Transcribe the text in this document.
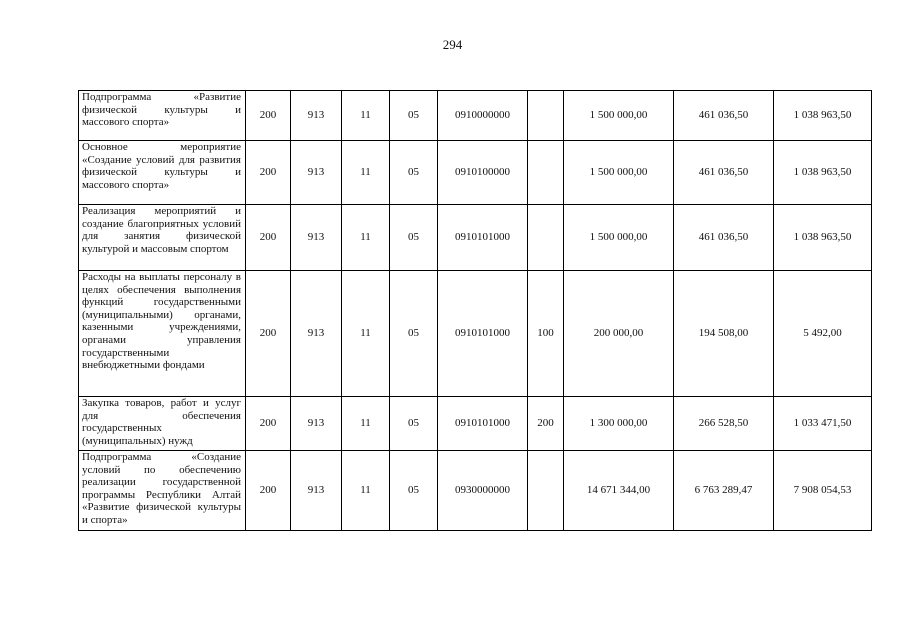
294
Подпрограмма «Развитие физической культуры и массового спорта»	200	913	11	05	0910000000		1 500 000,00	461 036,50	1 038 963,50
Основное мероприятие «Создание условий для развития физической культуры и массового спорта»	200	913	11	05	0910100000		1 500 000,00	461 036,50	1 038 963,50
Реализация мероприятий и создание благоприятных условий для занятия физической культурой и массовым спортом	200	913	11	05	0910101000		1 500 000,00	461 036,50	1 038 963,50
Расходы на выплаты персоналу в целях обеспечения выполнения функций государственными (муниципальными) органами, казенными учреждениями, органами управления государственными внебюджетными фондами	200	913	11	05	0910101000	100	200 000,00	194 508,00	5 492,00
Закупка товаров, работ и услуг для обеспечения государственных (муниципальных) нужд	200	913	11	05	0910101000	200	1 300 000,00	266 528,50	1 033 471,50
Подпрограмма «Создание условий по обеспечению реализации государственной программы Республики Алтай «Развитие физической культуры и спорта»	200	913	11	05	0930000000		14 671 344,00	6 763 289,47	7 908 054,53
